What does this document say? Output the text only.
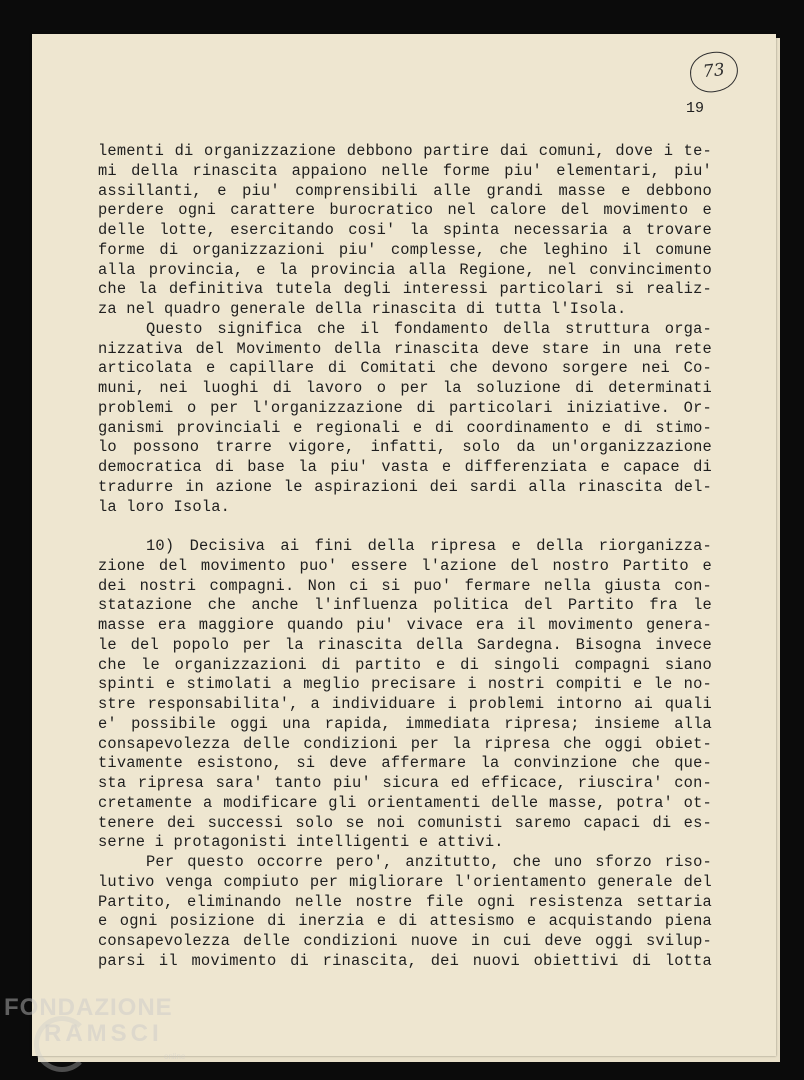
73
19
lementi di organizzazione debbono partire dai comuni, dove i te-
mi della rinascita appaiono nelle forme piu' elementari, piu'
assillanti, e piu' comprensibili alle grandi masse e debbono
perdere ogni carattere burocratico nel calore del movimento e
delle lotte, esercitando cosi' la spinta necessaria a trovare
forme di organizzazioni piu' complesse, che leghino il comune
alla provincia, e la provincia alla Regione, nel convincimento
che la definitiva tutela degli interessi particolari si realiz-
za nel quadro generale della rinascita di tutta l'Isola.
Questo significa che il fondamento della struttura orga-
nizzativa del Movimento della rinascita deve stare in una rete
articolata e capillare di Comitati che devono sorgere nei Co-
muni, nei luoghi di lavoro o per la soluzione di determinati
problemi o per l'organizzazione di particolari iniziative. Or-
ganismi provinciali e regionali e di coordinamento e di stimo-
lo possono trarre vigore, infatti, solo da un'organizzazione
democratica di base la piu' vasta e differenziata e capace di
tradurre in azione le aspirazioni dei sardi alla rinascita del-
la loro Isola.
10) Decisiva ai fini della ripresa e della riorganizza-
zione del movimento puo' essere l'azione del nostro Partito e
dei nostri compagni. Non ci si puo' fermare nella giusta con-
statazione che anche l'influenza politica del Partito fra le
masse era maggiore quando piu' vivace era il movimento genera-
le del popolo per la rinascita della Sardegna. Bisogna invece
che le organizzazioni di partito e di singoli compagni siano
spinti e stimolati a meglio precisare i nostri compiti e le no-
stre responsabilita', a individuare i problemi intorno ai quali
e' possibile oggi una rapida, immediata ripresa; insieme alla
consapevolezza delle condizioni per la ripresa che oggi obiet-
tivamente esistono, si deve affermare la convinzione che que-
sta ripresa sara' tanto piu' sicura ed efficace, riuscira' con-
cretamente a modificare gli orientamenti delle masse, potra' ot-
tenere dei successi solo se noi comunisti saremo capaci di es-
serne i protagonisti intelligenti e attivi.
Per questo occorre pero', anzitutto, che uno sforzo riso-
lutivo venga compiuto per migliorare l'orientamento generale del
Partito, eliminando nelle nostre file ogni resistenza settaria
e ogni posizione di inerzia e di attesismo e acquistando piena
consapevolezza delle condizioni nuove in cui deve oggi svilup-
parsi il movimento di rinascita, dei nuovi obiettivi di lotta
FONDAZIONE
RAMSCI
online
